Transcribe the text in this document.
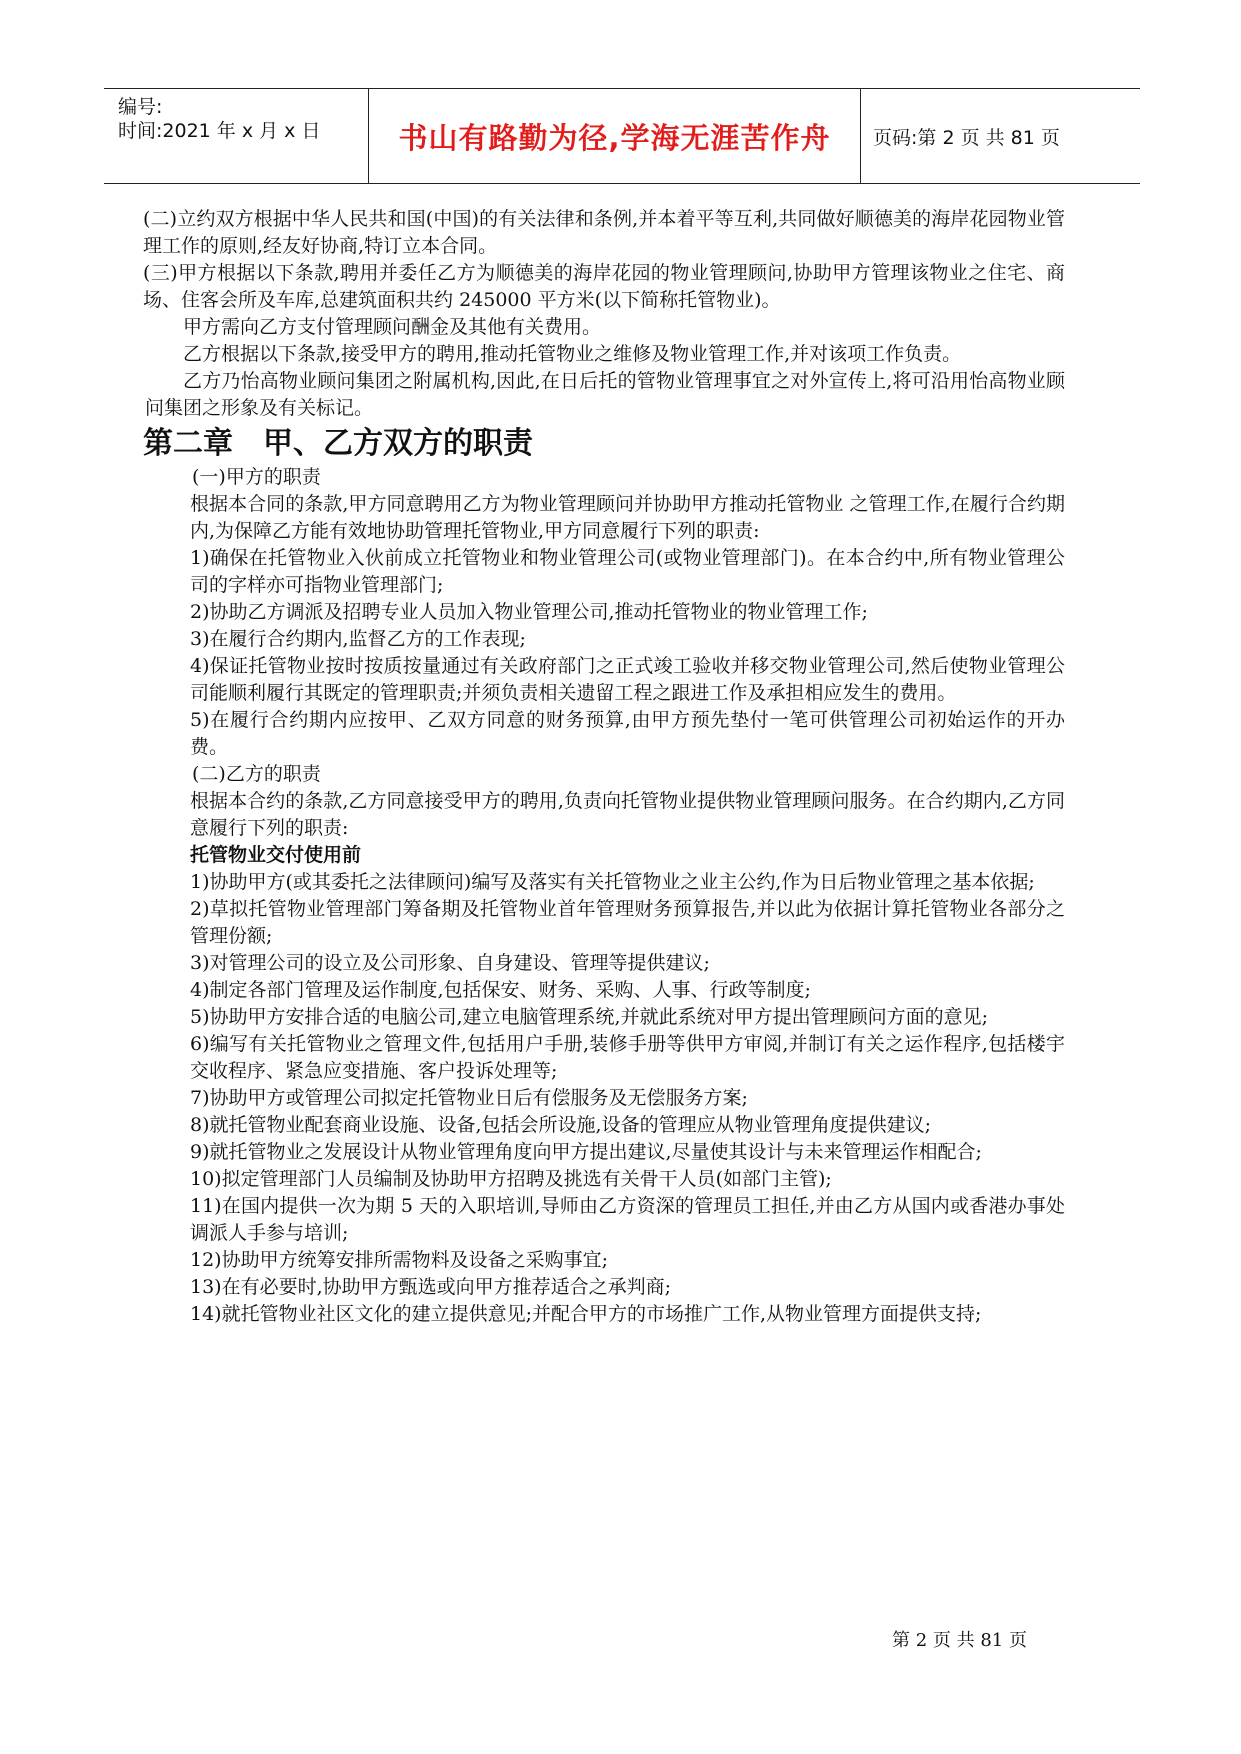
编号:
时间:2021 年 x 月 x 日	书山有路勤为径,学海无涯苦作舟 页码:第 2 页 共 81 页

(二)立约双方根据中华人民共和国(中国)的有关法律和条例,并本着平等互利,共同做好顺德美的海岸花园物业管理工作的原则,经友好协商,特订立本合同。

(三)甲方根据以下条款,聘用并委任乙方为顺德美的海岸花园的物业管理顾问,协助甲方管理该物业之住宅、商场、住客会所及车库,总建筑面积共约 245000 平方米(以下简称托管物业)。

甲方需向乙方支付管理顾问酬金及其他有关费用。

乙方根据以下条款,接受甲方的聘用,推动托管物业之维修及物业管理工作,并对该项工作负责。

乙方乃怡高物业顾问集团之附属机构,因此,在日后托的管物业管理事宜之对外宣传上,将可沿用怡高物业顾问集团之形象及有关标记。

第二章 甲、乙方双方的职责

(一)甲方的职责

根据本合同的条款,甲方同意聘用乙方为物业管理顾问并协助甲方推动托管物业 之管理工作,在履行合约期内,为保障乙方能有效地协助管理托管物业,甲方同意履行下列的职责:

1)确保在托管物业入伙前成立托管物业和物业管理公司(或物业管理部门)。在本合约中,所有物业管理公司的字样亦可指物业管理部门;

2)协助乙方调派及招聘专业人员加入物业管理公司,推动托管物业的物业管理工作;

3)在履行合约期内,监督乙方的工作表现;

4)保证托管物业按时按质按量通过有关政府部门之正式竣工验收并移交物业管理公司,然后使物业管理公司能顺利履行其既定的管理职责;并须负责相关遗留工程之跟进工作及承担相应发生的费用。

5)在履行合约期内应按甲、乙双方同意的财务预算,由甲方预先垫付一笔可供管理公司初始运作的开办费。

(二)乙方的职责

根据本合约的条款,乙方同意接受甲方的聘用,负责向托管物业提供物业管理顾问服务。在合约期内,乙方同意履行下列的职责:

托管物业交付使用前

1)协助甲方(或其委托之法律顾问)编写及落实有关托管物业之业主公约,作为日后物业管理之基本依据;

2)草拟托管物业管理部门筹备期及托管物业首年管理财务预算报告,并以此为依据计算托管物业各部分之管理份额;

3)对管理公司的设立及公司形象、自身建设、管理等提供建议;

4)制定各部门管理及运作制度,包括保安、财务、采购、人事、行政等制度;

5)协助甲方安排合适的电脑公司,建立电脑管理系统,并就此系统对甲方提出管理顾问方面的意见;

6)编写有关托管物业之管理文件,包括用户手册,装修手册等供甲方审阅,并制订有关之运作程序,包括楼宇交收程序、紧急应变措施、客户投诉处理等;

7)协助甲方或管理公司拟定托管物业日后有偿服务及无偿服务方案;

8)就托管物业配套商业设施、设备,包括会所设施,设备的管理应从物业管理角度提供建议;

9)就托管物业之发展设计从物业管理角度向甲方提出建议,尽量使其设计与未来管理运作相配合;

10)拟定管理部门人员编制及协助甲方招聘及挑选有关骨干人员(如部门主管);

11)在国内提供一次为期 5 天的入职培训,导师由乙方资深的管理员工担任,并由乙方从国内或香港办事处调派人手参与培训;

12)协助甲方统筹安排所需物料及设备之采购事宜;

13)在有必要时,协助甲方甄选或向甲方推荐适合之承判商;

14)就托管物业社区文化的建立提供意见;并配合甲方的市场推广工作,从物业管理方面提供支持;

第 2 页 共 81 页
